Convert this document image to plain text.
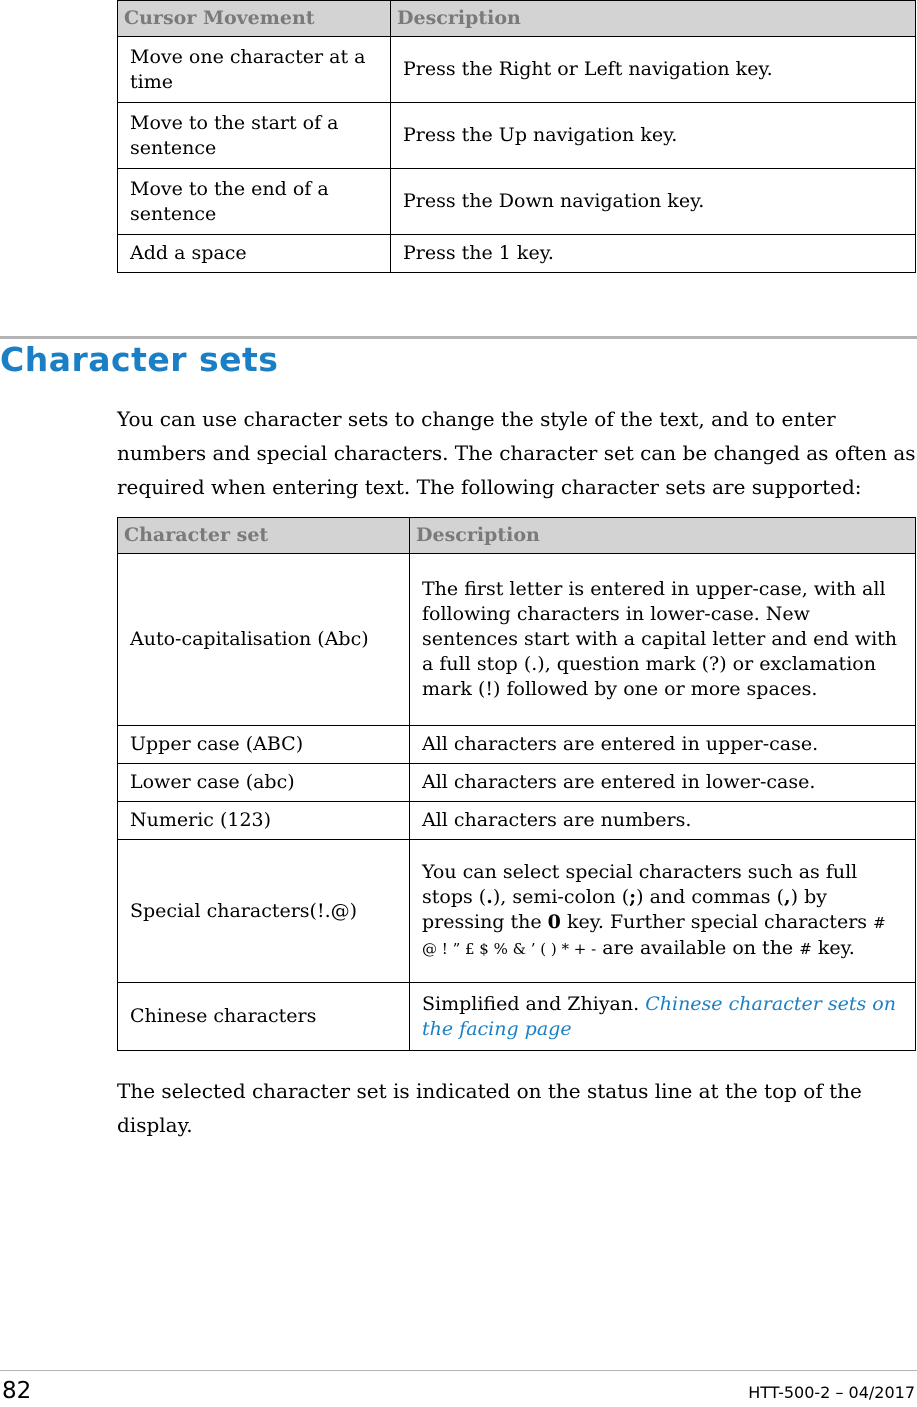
Cursor Movement	Description
Move one character at a time	Press the Right or Left navigation key.
Move to the start of a sentence	Press the Up navigation key.
Move to the end of a sentence	Press the Down navigation key.
Add a space	Press the 1 key.
Character sets

You can use character sets to change the style of the text, and to enter numbers and special characters. The character set can be changed as often as required when entering text. The following character sets are supported:

Character set	Description
Auto-capitalisation (Abc)	The first letter is entered in upper-case, with all following characters in lower-case. New sentences start with a capital letter and end with a full stop (.), question mark (?) or exclamation mark (!) followed by one or more spaces.
Upper case (ABC)	All characters are entered in upper-case.
Lower case (abc)	All characters are entered in lower-case.
Numeric (123)	All characters are numbers.
Special characters(!.@)	You can select special characters such as full stops (.), semi-colon (;) and commas (,) by pressing the 0 key. Further special characters # @ ! ” £ $ % & ’ ( ) * + - are available on the # key.
Chinese characters	Simplified and Zhiyan. Chinese character sets on the facing page

The selected character set is indicated on the status line at the top of the display.

82	HTT-500-2 – 04/2017
